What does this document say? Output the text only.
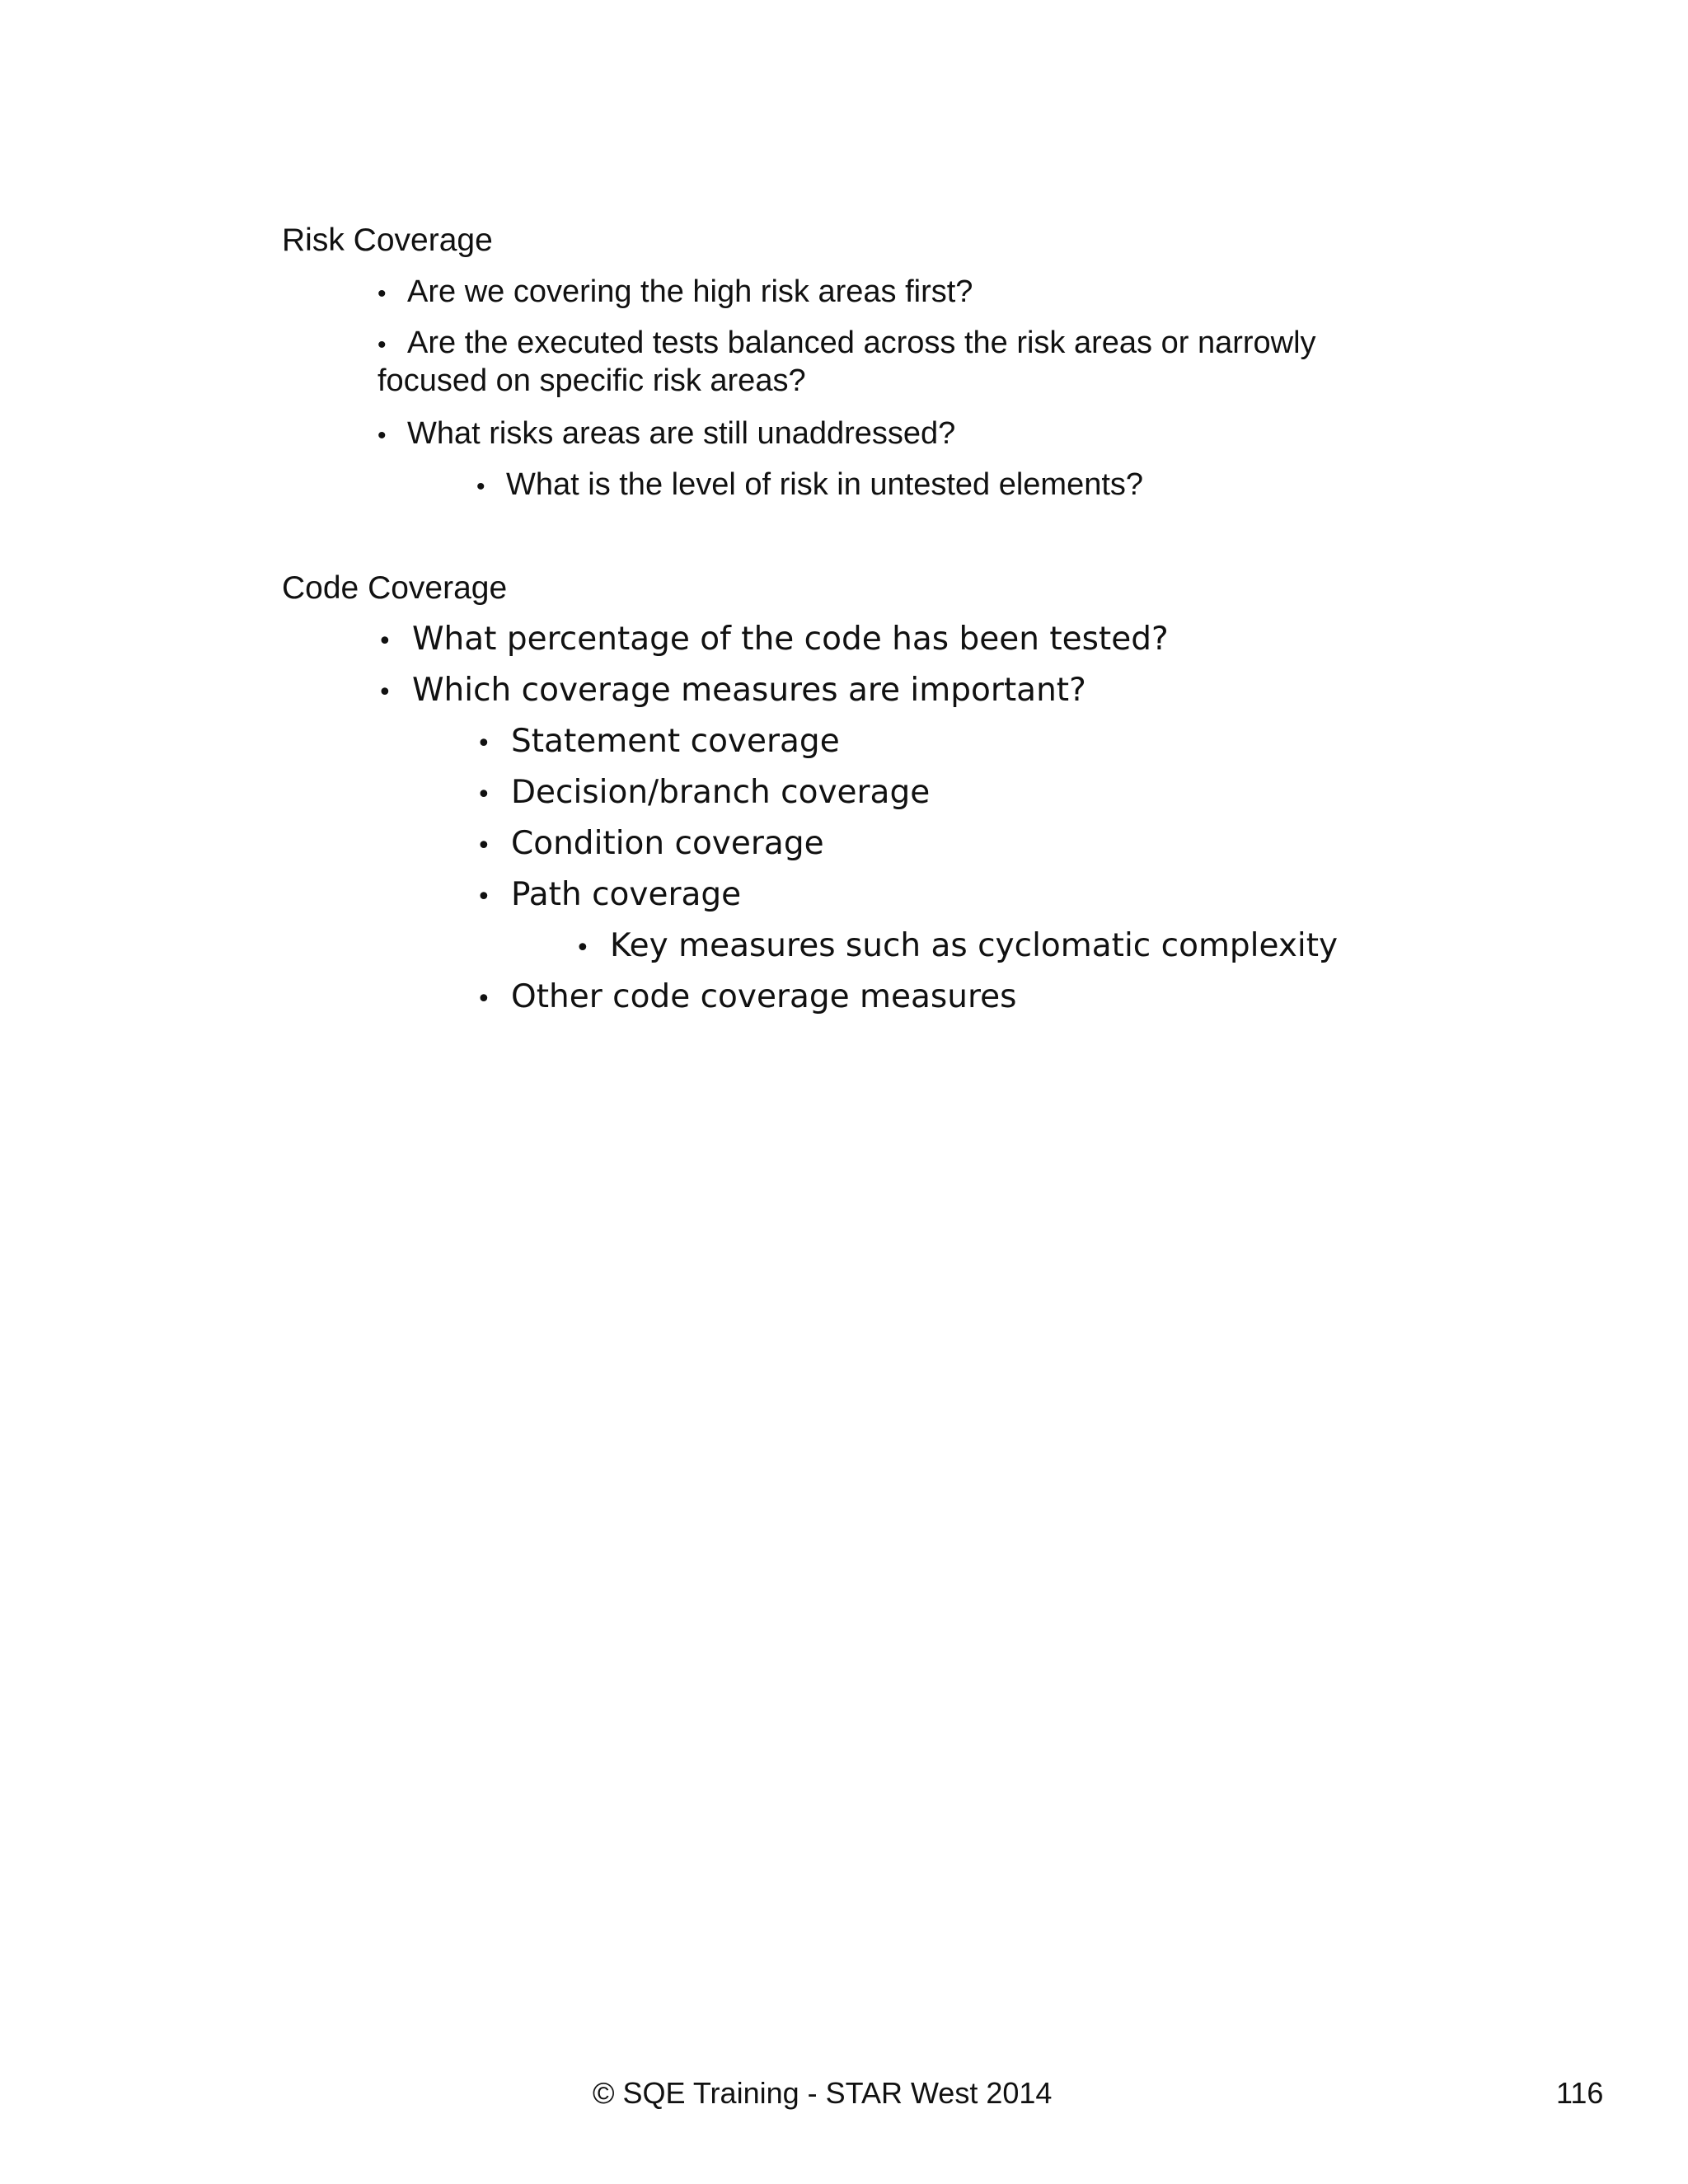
Risk Coverage
• Are we covering the high risk areas first?
• Are the executed tests balanced across the risk areas or narrowly
focused on specific risk areas?
• What risks areas are still unaddressed?
• What is the level of risk in untested elements?
Code Coverage
• What percentage of the code has been tested?
• Which coverage measures are important?
• Statement coverage
• Decision/branch coverage
• Condition coverage
• Path coverage
• Key measures such as cyclomatic complexity
• Other code coverage measures
© SQE Training - STAR West 2014	116
